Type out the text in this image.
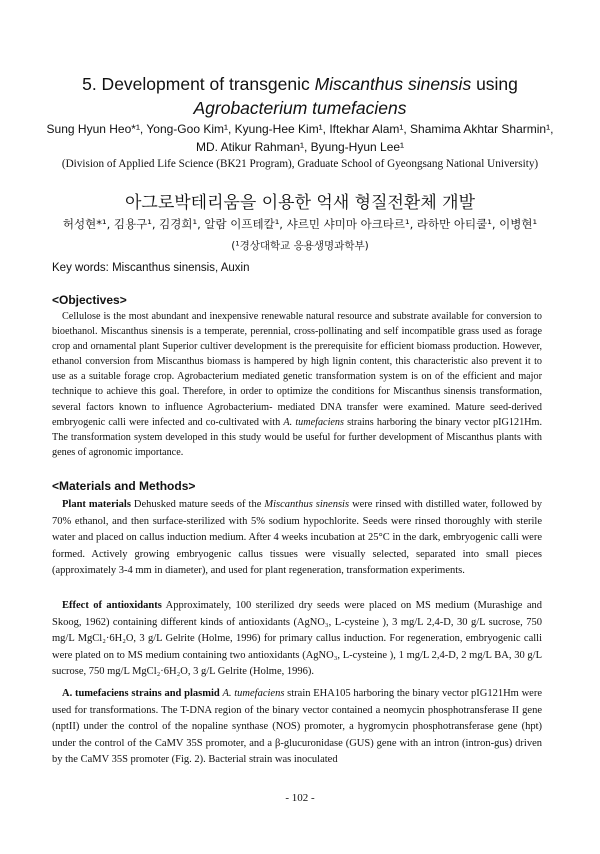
5. Development of transgenic Miscanthus sinensis using
Agrobacterium tumefaciens
Sung Hyun Heo*¹, Yong-Goo Kim¹, Kyung-Hee Kim¹, Iftekhar Alam¹, Shamima Akhtar Sharmin¹,
MD. Atikur Rahman¹, Byung-Hyun Lee¹
(Division of Applied Life Science (BK21 Program), Graduate School of Gyeongsang National University)
아그로박테리움을 이용한 억새 형질전환체 개발
허성현*¹, 김용구¹, 김경희¹, 알람 이프테칼¹, 샤르민 샤미마 아크타르¹, 라하만 아티쿨¹, 이병현¹
(¹경상대학교 응용생명과학부)
Key words: Miscanthus sinensis, Auxin
<Objectives>

Cellulose is the most abundant and inexpensive renewable natural resource and substrate available for conversion to bioethanol. Miscanthus sinensis is a temperate, perennial, cross-pollinating and self incompatible grass used as forage crop and ornamental plant Superior cultiver development is the prerequisite for efficient biomass production. However, ethanol conversion from Miscanthus biomass is hampered by high lignin content, this characteristic also prevent it to use as a suitable forage crop. Agrobacterium mediated genetic transformation system is on of the efficient and major technique to achieve this goal. Therefore, in order to optimize the conditions for Miscanthus sinensis transformation, several factors known to influence Agrobacterium- mediated DNA transfer were examined. Mature seed-derived embryogenic calli were infected and co-cultivated with A. tumefaciens strains harboring the binary vector pIG121Hm. The transformation system developed in this study would be useful for further development of Miscanthus plants with genes of agronomic importance.

<Materials and Methods>

Plant materials Dehusked mature seeds of the Miscanthus sinensis were rinsed with distilled water, followed by 70% ethanol, and then surface-sterilized with 5% sodium hypochlorite. Seeds were rinsed thoroughly with sterile water and placed on callus induction medium. After 4 weeks incubation at 25°C in the dark, embryogenic calli were formed. Actively growing embryogenic callus tissues were visually selected, separated into small pieces (approximately 3-4 mm in diameter), and used for plant regeneration, transformation experiments.

Effect of antioxidants Approximately, 100 sterilized dry seeds were placed on MS medium (Murashige and Skoog, 1962) containing different kinds of antioxidants (AgNO₃, L-cysteine ), 3 mg/L 2,4-D, 30 g/L sucrose, 750 mg/L MgCl₂·6H₂O, 3 g/L Gelrite (Holme, 1996) for primary callus induction. For regeneration, embryogenic calli were plated on to MS medium containing two antioxidants (AgNO₃, L-cysteine ), 1 mg/L 2,4-D, 2 mg/L BA, 30 g/L sucrose, 750 mg/L MgCl₂·6H₂O, 3 g/L Gelrite (Holme, 1996).

A. tumefaciens strains and plasmid A. tumefaciens strain EHA105 harboring the binary vector pIG121Hm were used for transformations. The T-DNA region of the binary vector contained a neomycin phosphotransferase II gene (nptII) under the control of the nopaline synthase (NOS) promoter, a hygromycin phosphotransferase gene (hpt) under the control of the CaMV 35S promoter, and a β-glucuronidase (GUS) gene with an intron (intron-gus) driven by the CaMV 35S promoter (Fig. 2). Bacterial strain was inoculated

- 102 -
